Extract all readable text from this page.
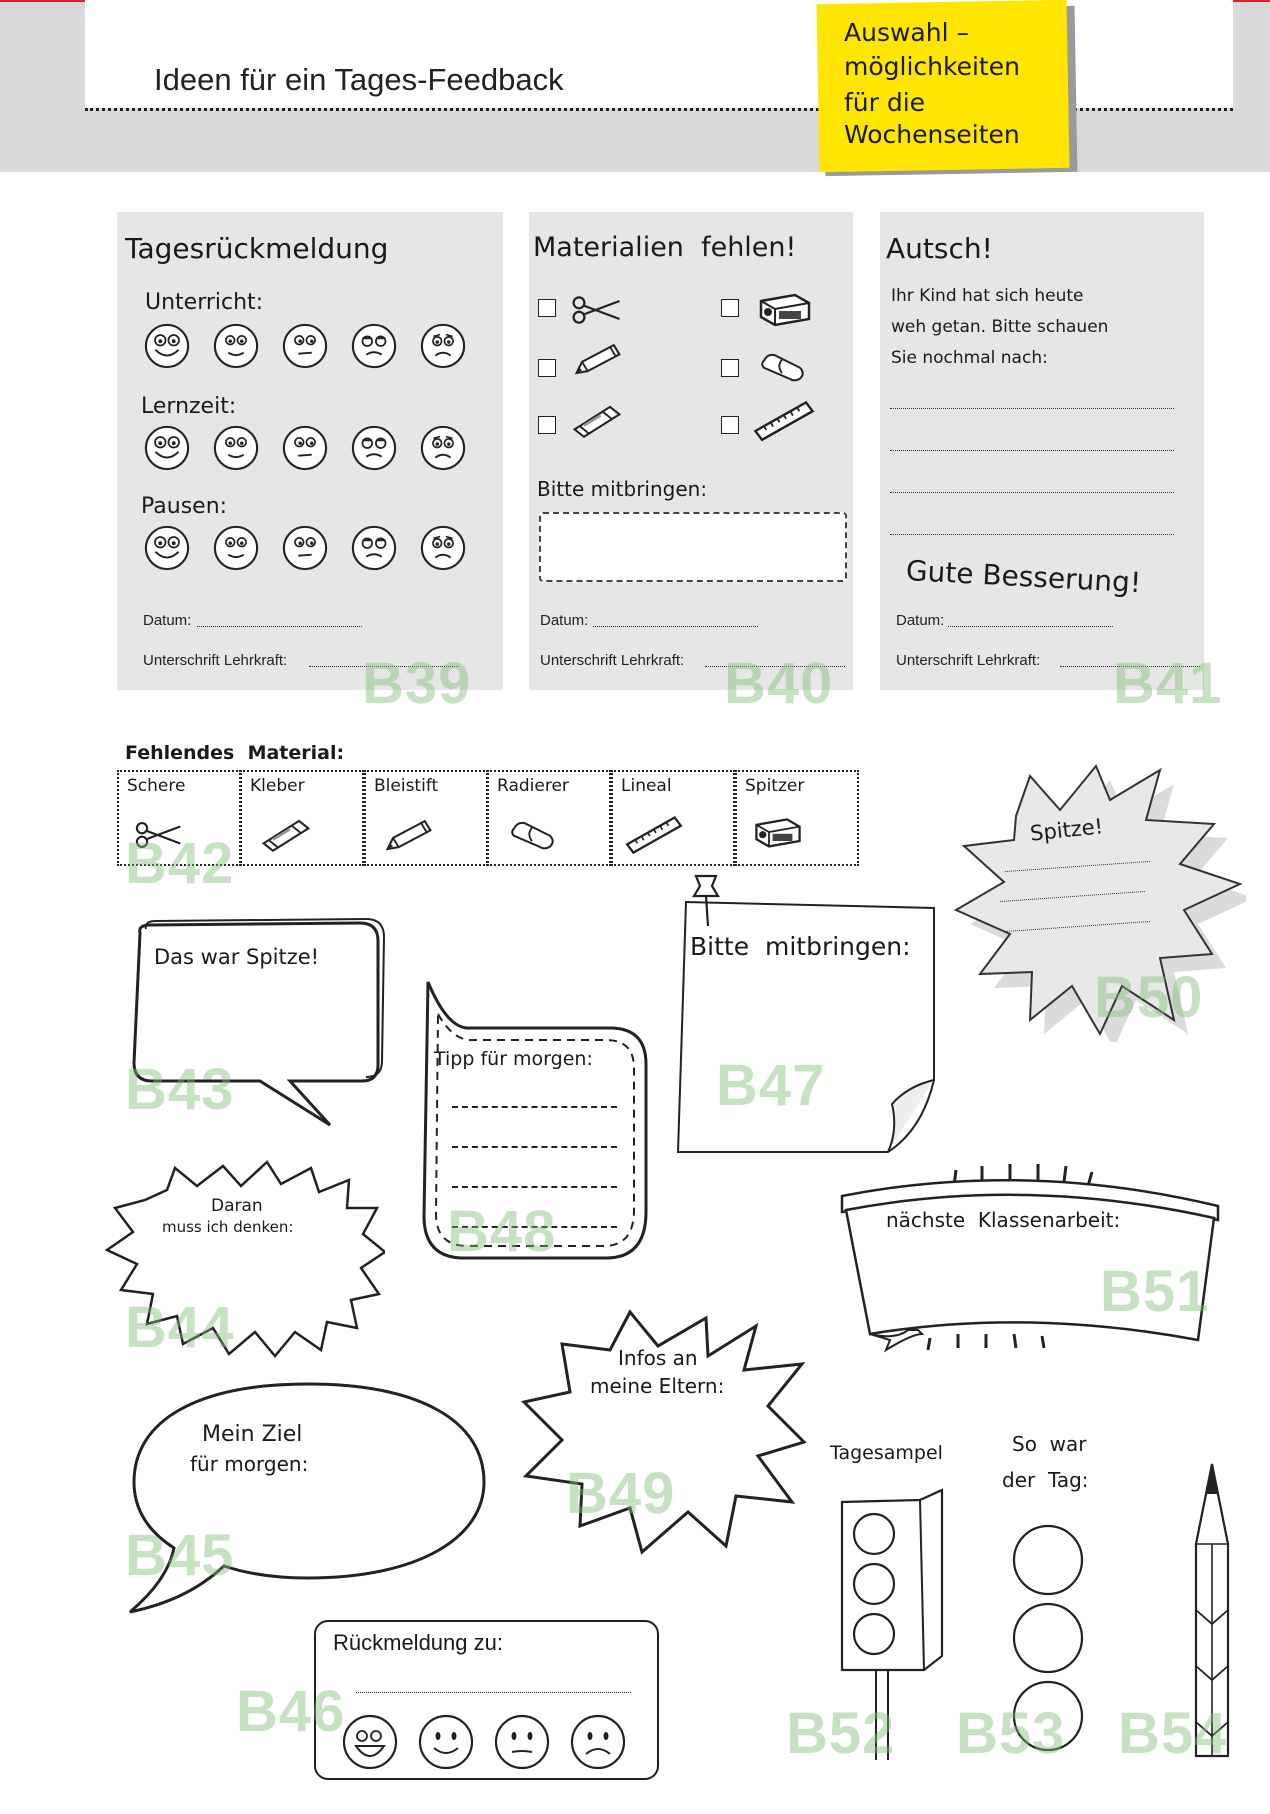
Ideen für ein Tages-Feedback
Auswahl –
möglichkeiten
für die
Wochenseiten
Tagesrückmeldung
Unterricht:
Lernzeit:
Pausen:
Datum:
Unterschrift Lehrkraft: B39
Materialien  fehlen!
Bitte mitbringen:
Datum:
Unterschrift Lehrkraft: B40
Autsch!
Ihr Kind hat sich heute
weh getan. Bitte schauen
Sie nochmal nach:
Gute Besserung!
Datum:
Unterschrift Lehrkraft: B41
Fehlendes  Material:
Schere	Kleber	Bleistift	Radierer	Lineal	Spitzer
B42
Das war Spitze!
B43
Daran
muss ich denken:
B44
Mein Ziel
für morgen:
B45
Rückmeldung zu:
B46
Bitte  mitbringen:
B47
Tipp für morgen:
B48
Infos an
meine Eltern:
B49
Spitze!
B50
nächste  Klassenarbeit:
B51
Tagesampel
B52
So  war
der  Tag:
B53 B54
